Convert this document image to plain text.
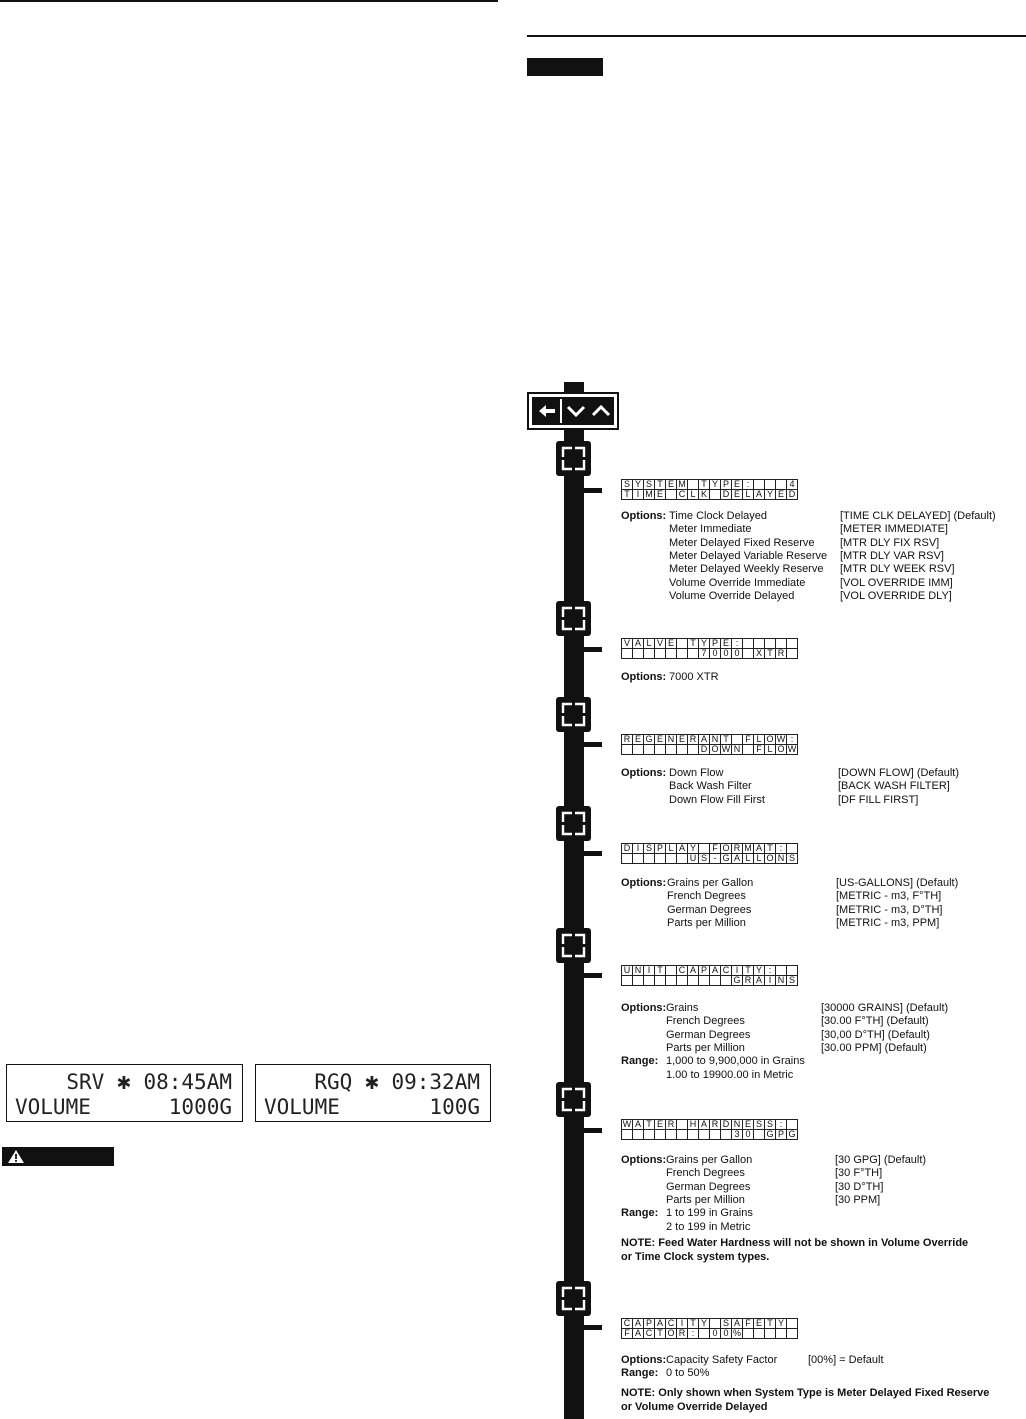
SRV ✱ 08:45AM
VOLUME	1000G
RGQ ✱ 09:32AM
VOLUME	100G
S	Y	S	T	E	M		T	Y	P	E	:				4
T	I	M	E		C	L	K		D	E	L	A	Y	E	D
V	A	L	V	E		T	Y	P	E	:					
							7	0	0	0		X	T	R	
R	E	G	E	N	E	R	A	N	T		F	L	O	W	:
							D	O	W	N		F	L	O	W
D	I	S	P	L	A	Y		F	O	R	M	A	T	:	
						U	S	-	G	A	L	L	O	N	S
U	N	I	T		C	A	P	A	C	I	T	Y	:		
										G	R	A	I	N	S
W	A	T	E	R		H	A	R	D	N	E	S	S	:	
										3	0		G	P	G
C	A	P	A	C	I	T	Y		S	A	F	E	T	Y	
F	A	C	T	O	R	:		0	0	%					
Options: Time Clock Delayed	[TIME CLK DELAYED] (Default)
Meter Immediate	[METER IMMEDIATE]
Meter Delayed Fixed Reserve [MTR DLY FIX RSV]
Meter Delayed Variable Reserve [MTR DLY VAR RSV]
Meter Delayed Weekly Reserve [MTR DLY WEEK RSV]
Volume Override Immediate	[VOL OVERRIDE IMM]
Volume Override Delayed	[VOL OVERRIDE DLY]
Options: 7000 XTR
Options: Down Flow	[DOWN FLOW] (Default)
Back Wash Filter	[BACK WASH FILTER]
Down Flow Fill First	[DF FILL FIRST]
Options: Grains per Gallon	[US-GALLONS] (Default)
French Degrees	[METRIC - m3, F°TH]
German Degrees	[METRIC - m3, D°TH]
Parts per Million	[METRIC - m3, PPM]
Options: Grains	[30000 GRAINS] (Default)
French Degrees	[30.00 F°TH] (Default)
German Degrees	[30,00 D°TH] (Default)
Parts per Million	[30.00 PPM] (Default)
Range: 1,000 to 9,900,000 in Grains
1.00 to 19900.00 in Metric
Options: Grains per Gallon	[30 GPG] (Default)
French Degrees	[30 F°TH]
German Degrees	[30 D°TH]
Parts per Million	[30 PPM]
Range: 1 to 199 in Grains
2 to 199 in Metric
NOTE: Feed Water Hardness will not be shown in Volume Override
or Time Clock system types.
Options: Capacity Safety Factor	[00%] = Default
Range: 0 to 50%
NOTE: Only shown when System Type is Meter Delayed Fixed Reserve
or Volume Override Delayed
